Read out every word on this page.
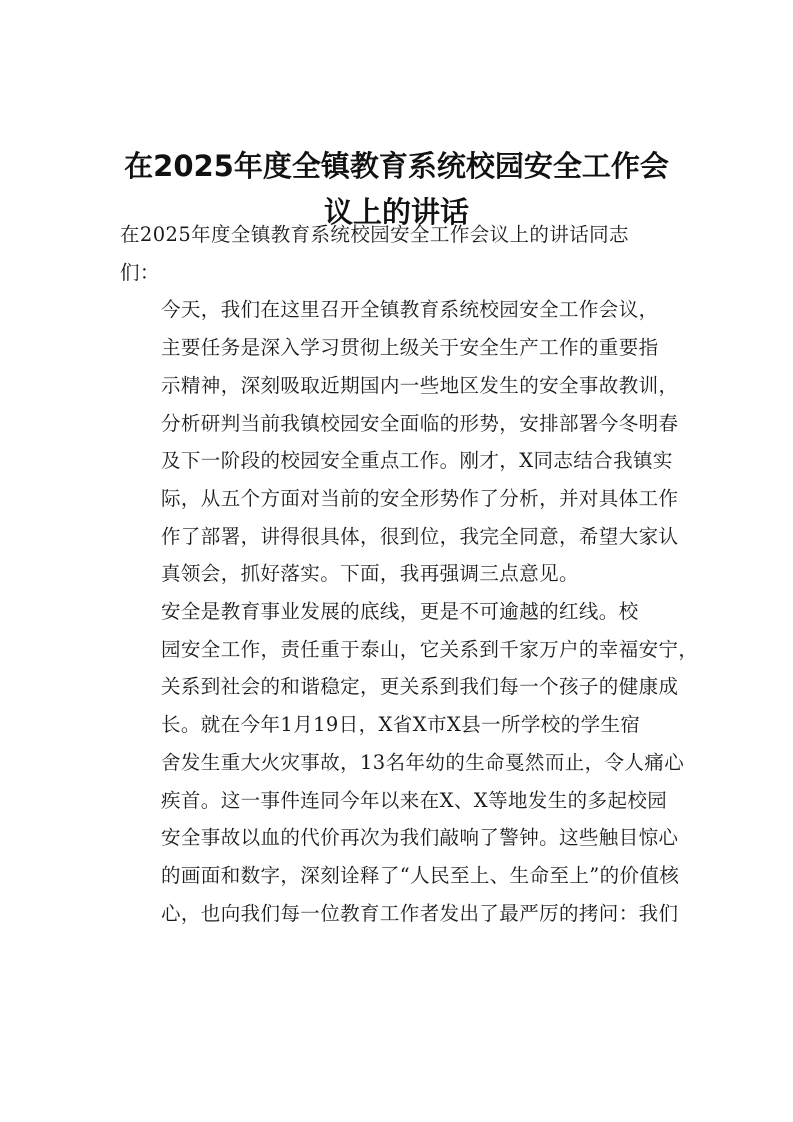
在2025年度全镇教育系统校园安全工作会
议上的讲话

在2025年度全镇教育系统校园安全工作会议上的讲话同志
们：

今天，我们在这里召开全镇教育系统校园安全工作会议，
主要任务是深入学习贯彻上级关于安全生产工作的重要指
示精神，深刻吸取近期国内一些地区发生的安全事故教训，
分析研判当前我镇校园安全面临的形势，安排部署今冬明春
及下一阶段的校园安全重点工作。刚才，X同志结合我镇实
际，从五个方面对当前的安全形势作了分析，并对具体工作
作了部署，讲得很具体，很到位，我完全同意，希望大家认
真领会，抓好落实。下面，我再强调三点意见。

安全是教育事业发展的底线，更是不可逾越的红线。校
园安全工作，责任重于泰山，它关系到千家万户的幸福安宁，
关系到社会的和谐稳定，更关系到我们每一个孩子的健康成
长。就在今年1月19日，X省X市X县一所学校的学生宿
舍发生重大火灾事故，13名年幼的生命戛然而止，令人痛心
疾首。这一事件连同今年以来在X、X等地发生的多起校园
安全事故以血的代价再次为我们敲响了警钟。这些触目惊心
的画面和数字，深刻诠释了“人民至上、生命至上”的价值核
心，也向我们每一位教育工作者发出了最严厉的拷问：我们
